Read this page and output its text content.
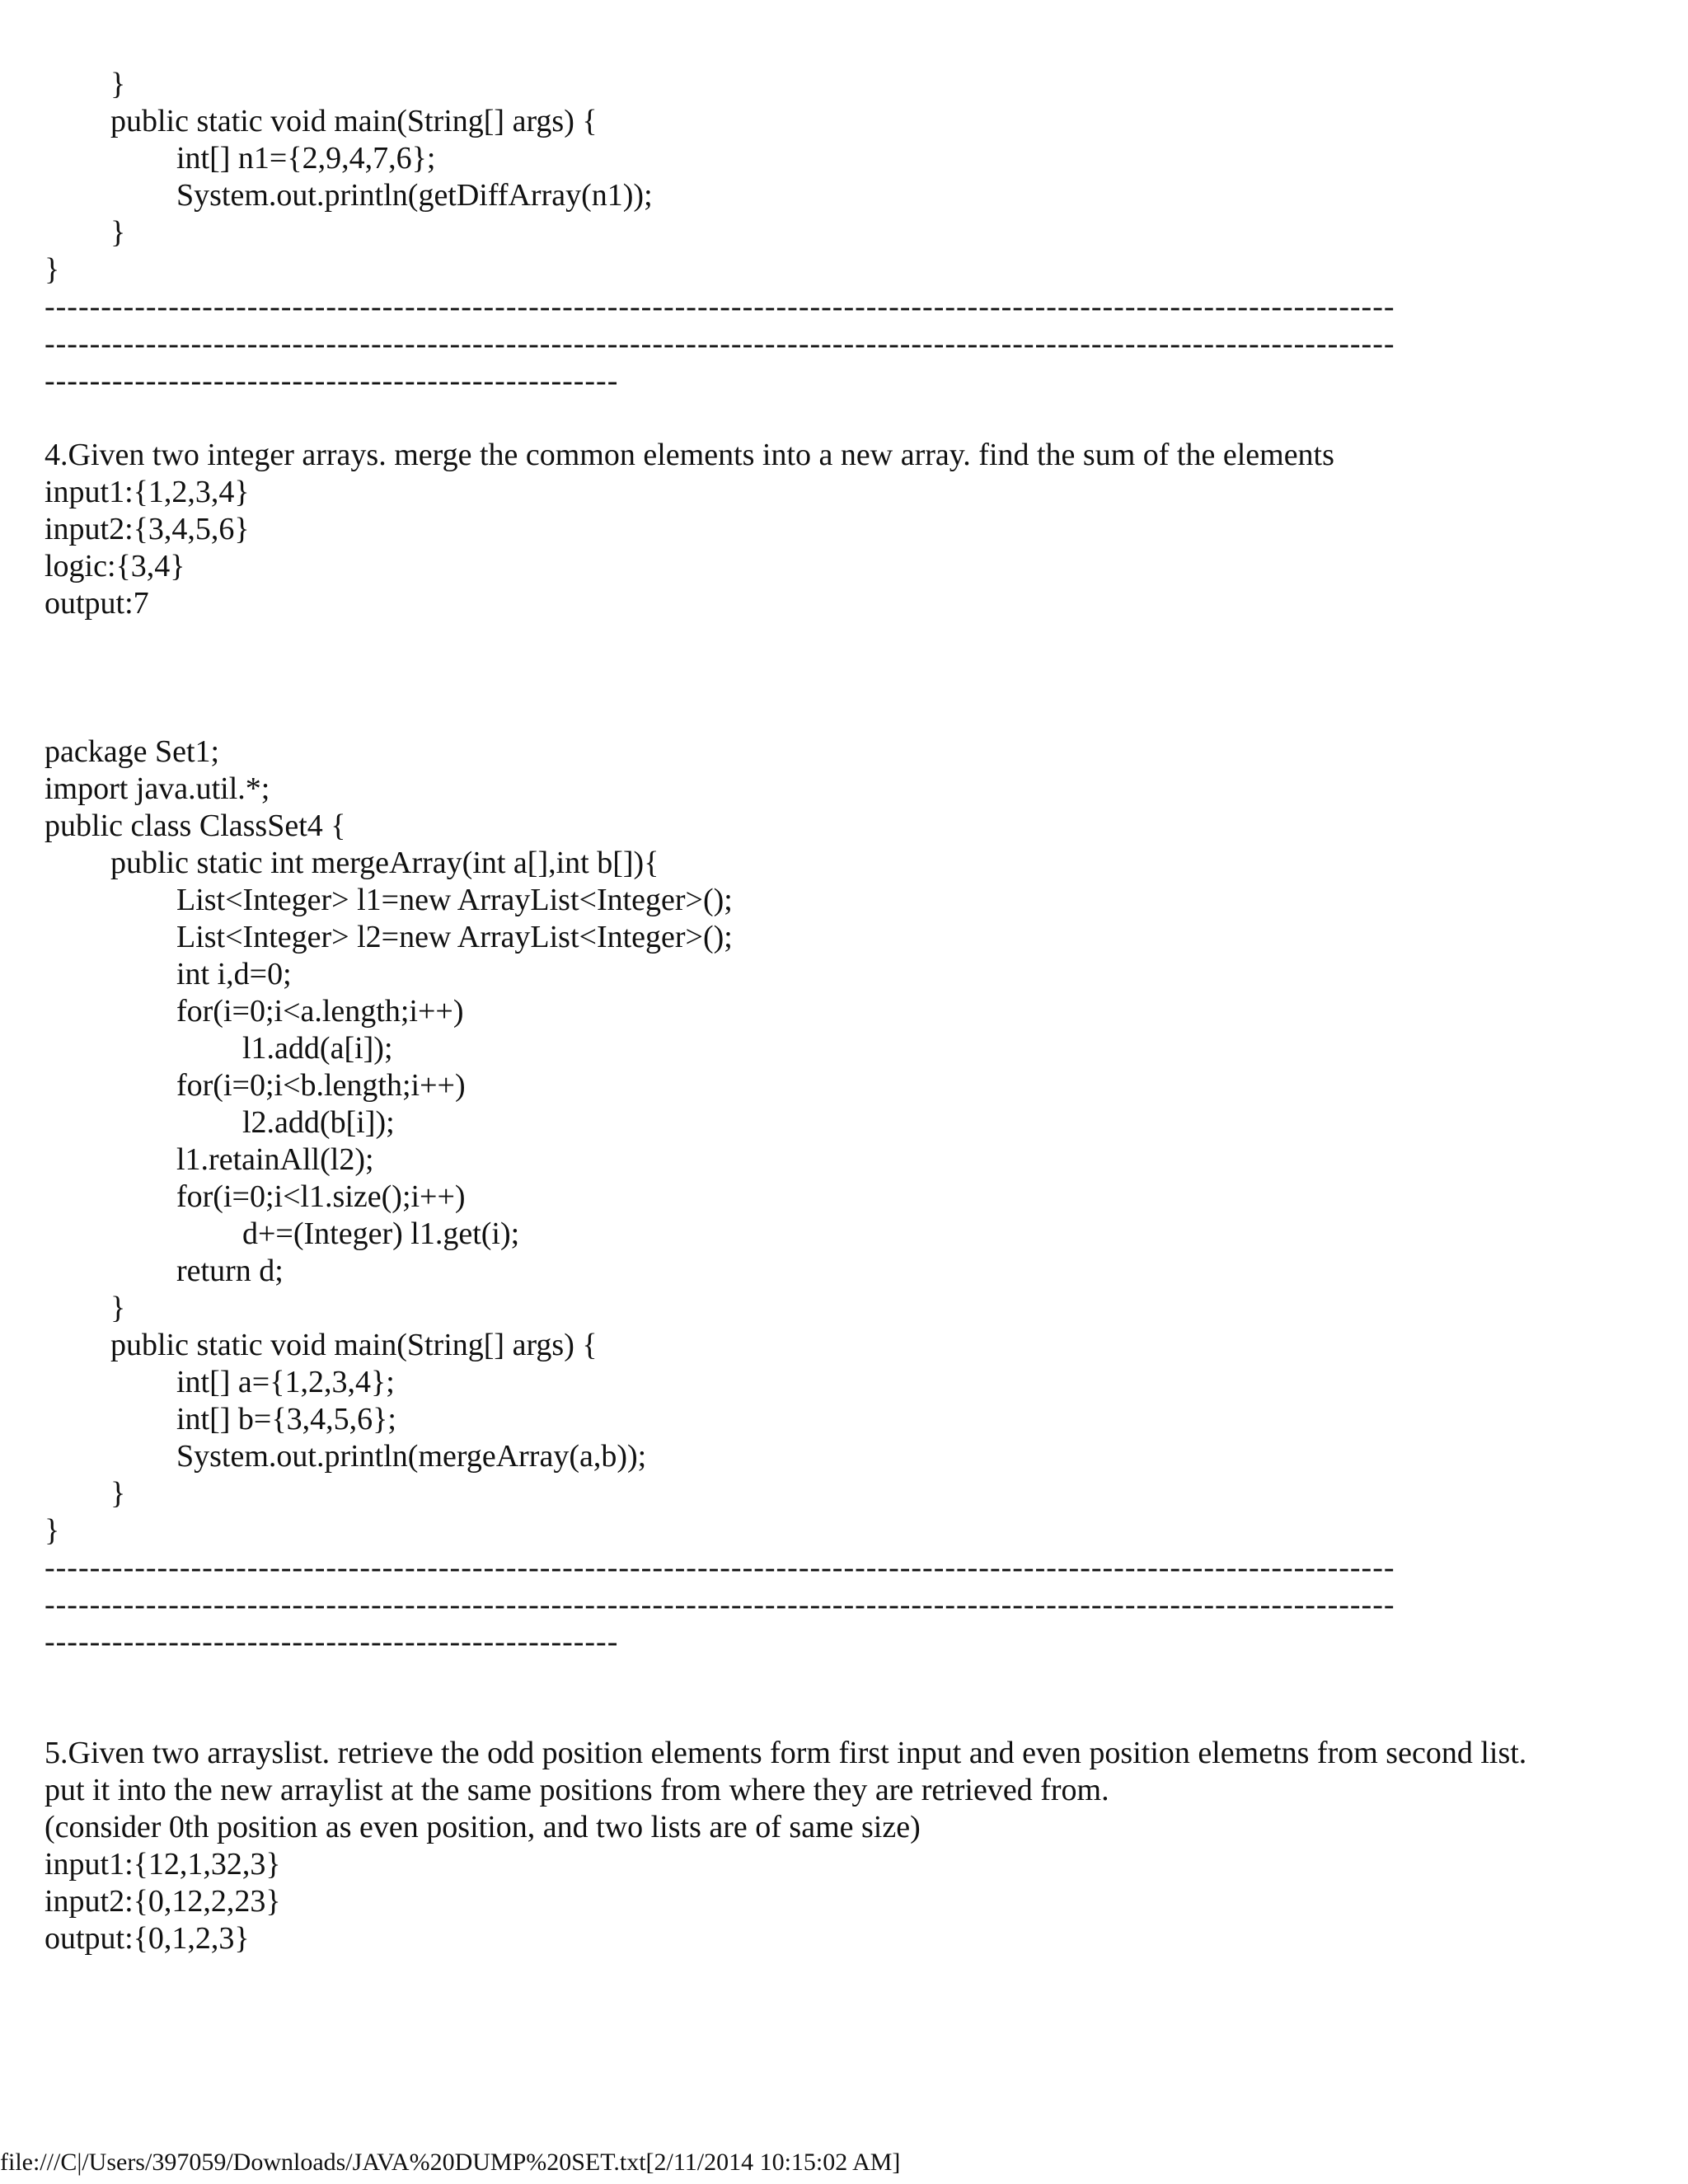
}
public static void main(String[] args) {
int[] n1={2,9,4,7,6};
System.out.println(getDiffArray(n1));
}
}
------------------------------------------------------------------------------------------------------------------------
------------------------------------------------------------------------------------------------------------------------
---------------------------------------------------
4.Given two integer arrays. merge the common elements into a new array. find the sum of the elements
input1:{1,2,3,4}
input2:{3,4,5,6}
logic:{3,4}
output:7
package Set1;
import java.util.*;
public class ClassSet4 {
public static int mergeArray(int a[],int b[]){
List<Integer> l1=new ArrayList<Integer>();
List<Integer> l2=new ArrayList<Integer>();
int i,d=0;
for(i=0;i<a.length;i++)
l1.add(a[i]);
for(i=0;i<b.length;i++)
l2.add(b[i]);
l1.retainAll(l2);
for(i=0;i<l1.size();i++)
d+=(Integer) l1.get(i);
return d;
}
public static void main(String[] args) {
int[] a={1,2,3,4};
int[] b={3,4,5,6};
System.out.println(mergeArray(a,b));
}
}
------------------------------------------------------------------------------------------------------------------------
------------------------------------------------------------------------------------------------------------------------
---------------------------------------------------
5.Given two arrayslist. retrieve the odd position elements form first input and even position elemetns from second list.
put it into the new arraylist at the same positions from where they are retrieved from.
(consider 0th position as even position, and two lists are of same size)
input1:{12,1,32,3}
input2:{0,12,2,23}
output:{0,1,2,3}
file:///C|/Users/397059/Downloads/JAVA%20DUMP%20SET.txt[2/11/2014 10:15:02 AM]
